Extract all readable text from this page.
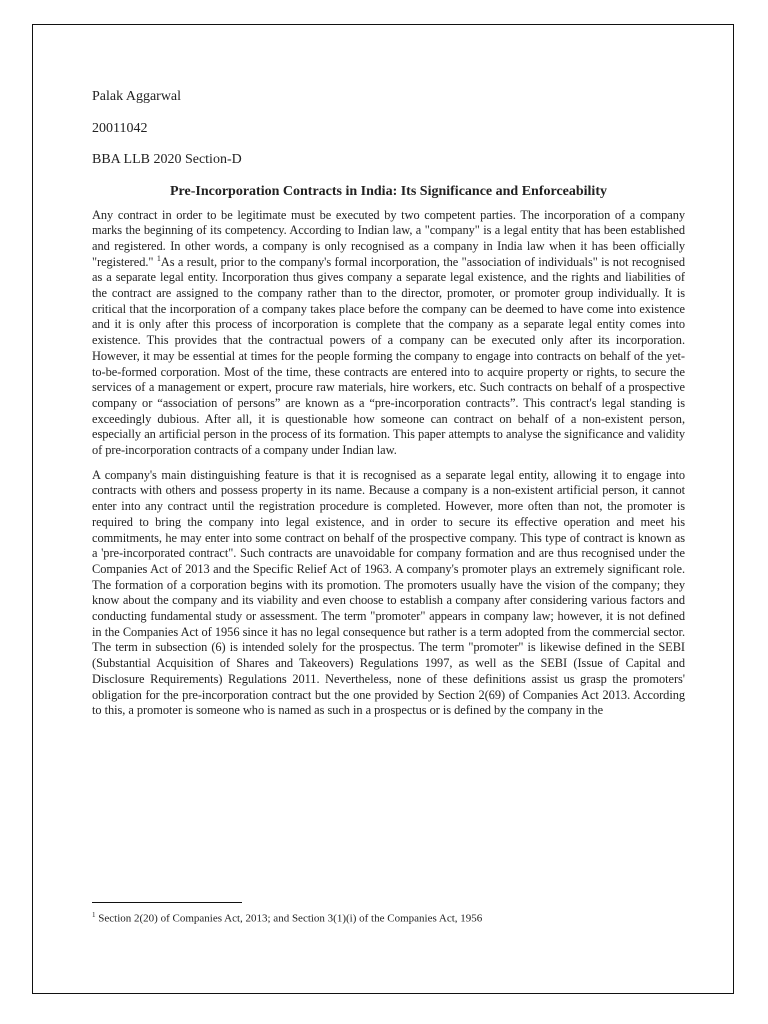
Palak Aggarwal

20011042

BBA LLB 2020 Section-D

Pre-Incorporation Contracts in India: Its Significance and Enforceability

Any contract in order to be legitimate must be executed by two competent parties. The incorporation of a company marks the beginning of its competency. According to Indian law, a "company" is a legal entity that has been established and registered. In other words, a company is only recognised as a company in India law when it has been officially "registered." $^1$As a result, prior to the company's formal incorporation, the "association of individuals" is not recognised as a separate legal entity. Incorporation thus gives company a separate legal existence, and the rights and liabilities of the contract are assigned to the company rather than to the director, promoter, or promoter group individually. It is critical that the incorporation of a company takes place before the company can be deemed to have come into existence and it is only after this process of incorporation is complete that the company as a separate legal entity comes into existence. This provides that the contractual powers of a company can be executed only after its incorporation. However, it may be essential at times for the people forming the company to engage into contracts on behalf of the yet-to-be-formed corporation. Most of the time, these contracts are entered into to acquire property or rights, to secure the services of a management or expert, procure raw materials, hire workers, etc. Such contracts on behalf of a prospective company or “association of persons” are known as a “pre-incorporation contracts”. This contract's legal standing is exceedingly dubious. After all, it is questionable how someone can contract on behalf of a non-existent person, especially an artificial person in the process of its formation. This paper attempts to analyse the significance and validity of pre-incorporation contracts of a company under Indian law.

A company's main distinguishing feature is that it is recognised as a separate legal entity, allowing it to engage into contracts with others and possess property in its name. Because a company is a non-existent artificial person, it cannot enter into any contract until the registration procedure is completed. However, more often than not, the promoter is required to bring the company into legal existence, and in order to secure its effective operation and meet his commitments, he may enter into some contract on behalf of the prospective company. This type of contract is known as a 'pre-incorporated contract". Such contracts are unavoidable for company formation and are thus recognised under the Companies Act of 2013 and the Specific Relief Act of 1963. A company's promoter plays an extremely significant role. The formation of a corporation begins with its promotion. The promoters usually have the vision of the company; they know about the company and its viability and even choose to establish a company after considering various factors and conducting fundamental study or assessment. The term "promoter" appears in company law; however, it is not defined in the Companies Act of 1956 since it has no legal consequence but rather is a term adopted from the commercial sector. The term in subsection (6) is intended solely for the prospectus. The term "promoter" is likewise defined in the SEBI (Substantial Acquisition of Shares and Takeovers) Regulations 1997, as well as the SEBI (Issue of Capital and Disclosure Requirements) Regulations 2011. Nevertheless, none of these definitions assist us grasp the promoters' obligation for the pre-incorporation contract but the one provided by Section 2(69) of Companies Act 2013. According to this, a promoter is someone who is named as such in a prospectus or is defined by the company in the

$^1$ Section 2(20) of Companies Act, 2013; and Section 3(1)(i) of the Companies Act, 1956
